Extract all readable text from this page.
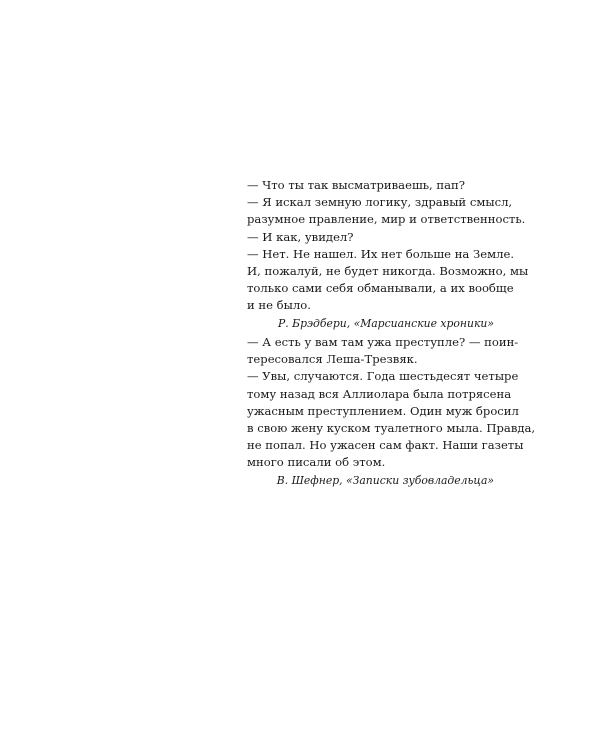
— Что ты так высматриваешь, пап?
— Я искал земную логику, здравый смысл,
разумное правление, мир и ответственность.
— И как, увидел?
— Нет. Не нашел. Их нет больше на Земле.
И, пожалуй, не будет никогда. Возможно, мы
только сами себя обманывали, а их вообще
и не было.
Р. Брэдбери, «Марсианские хроники»
— А есть у вам там ужа преступле? — поин-
тересовался Леша-Трезвяк.
— Увы, случаются. Года шестьдесят четыре
тому назад вся Аллиолара была потрясена
ужасным преступлением. Один муж бросил
в свою жену куском туалетного мыла. Правда,
не попал. Но ужасен сам факт. Наши газеты
много писали об этом.
В. Шефнер, «Записки зубовладельца»
